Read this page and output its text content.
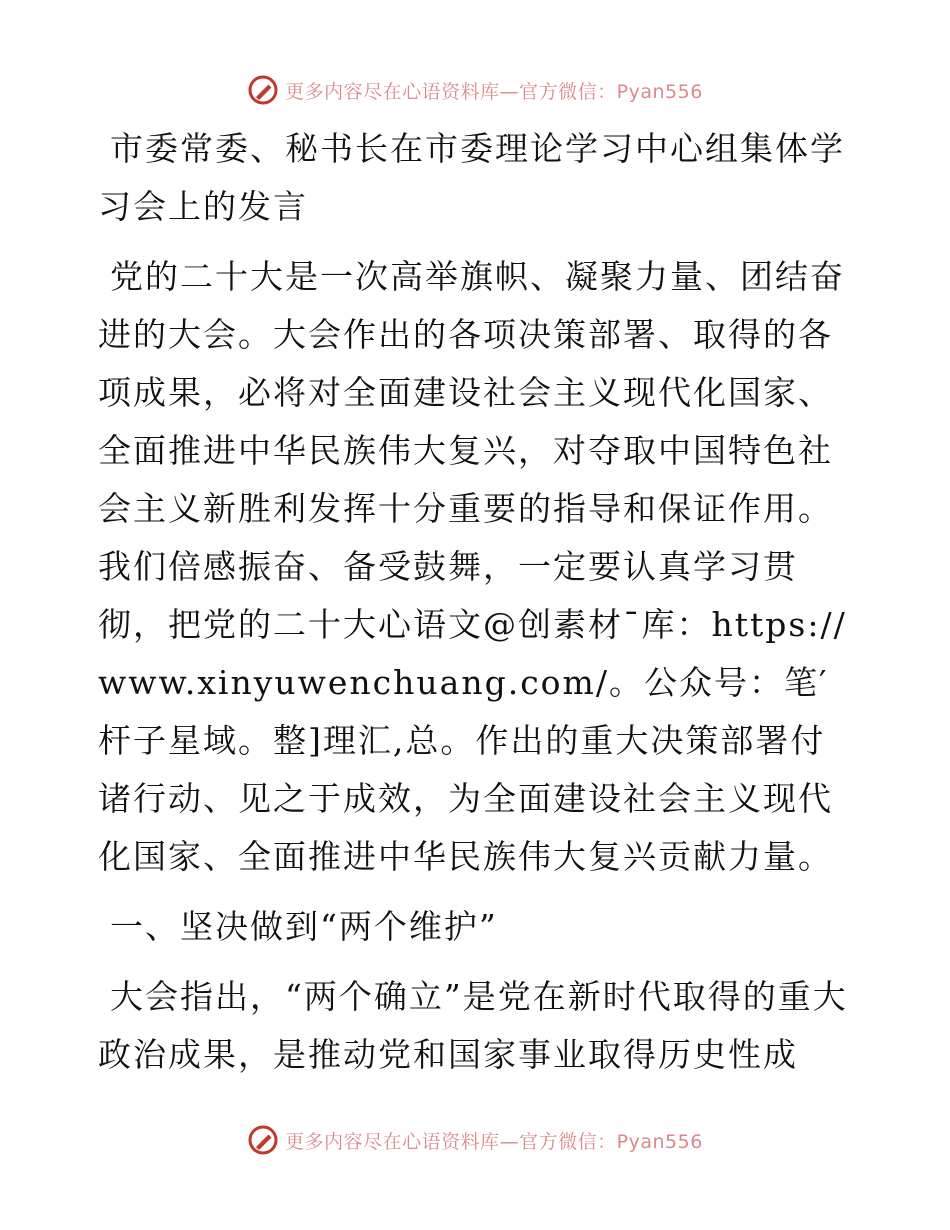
更多内容尽在心语资料库—官方微信：Pyan556

市委常委、秘书长在市委理论学习中心组集体学习会上的发言

党的二十大是一次高举旗帜、凝聚力量、团结奋进的大会。大会作出的各项决策部署、取得的各项成果，必将对全面建设社会主义现代化国家、全面推进中华民族伟大复兴，对夺取中国特色社会主义新胜利发挥十分重要的指导和保证作用。我们倍感振奋、备受鼓舞，一定要认真学习贯彻，把党的二十大心语文@创素材¯库：https://www.xinyuwenchuang.com/。公众号：笔′杆子星域。整]理汇,总。作出的重大决策部署付诸行动、见之于成效，为全面建设社会主义现代化国家、全面推进中华民族伟大复兴贡献力量。

一、坚决做到“两个维护”

大会指出，“两个确立”是党在新时代取得的重大政治成果，是推动党和国家事业取得历史性成

更多内容尽在心语资料库—官方微信：Pyan556
